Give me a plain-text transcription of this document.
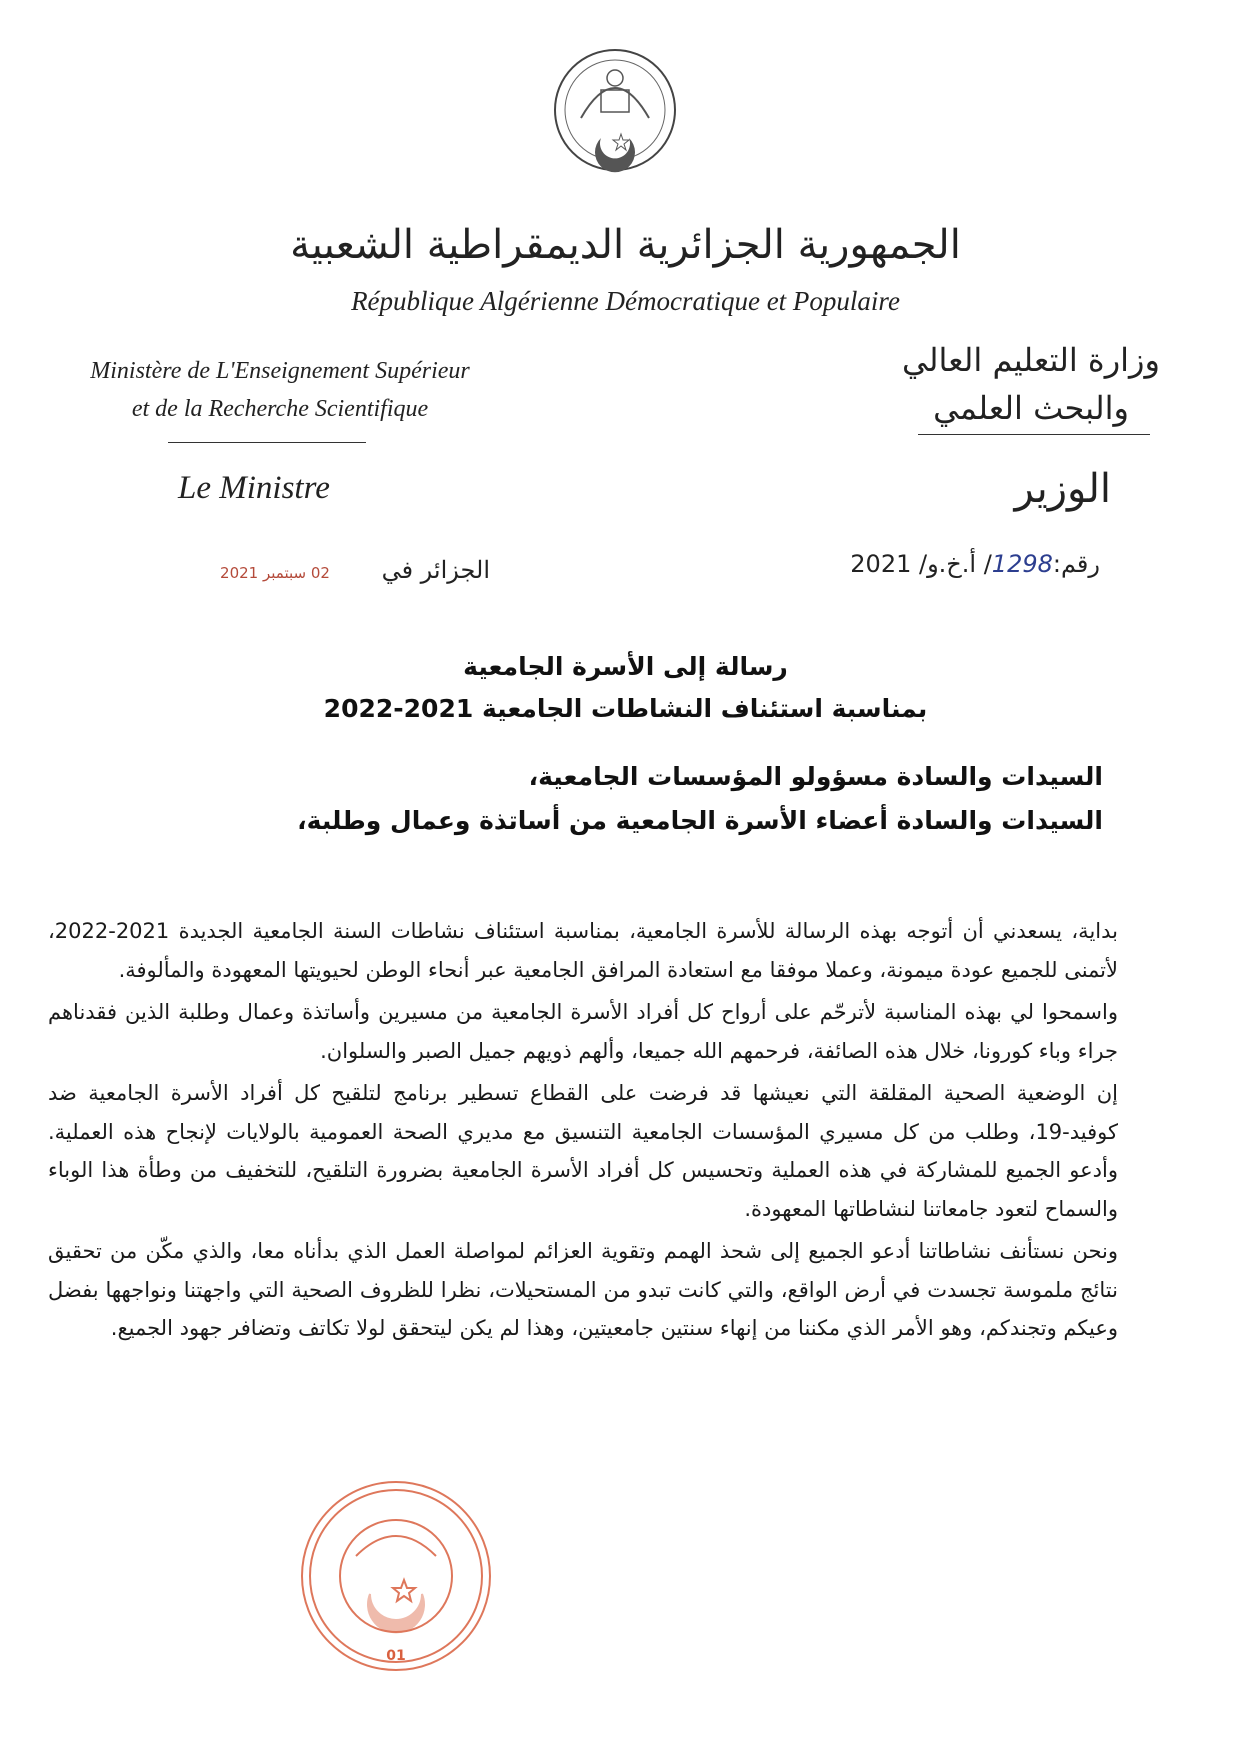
الجمهورية الجزائرية الديمقراطية الشعبية
République Algérienne Démocratique et Populaire
Ministère de L'Enseignement Supérieur
et de la Recherche Scientifique
وزارة التعليم العالي
والبحث العلمي
Le Ministre	الوزير
02 سبتمبر 2021	الجزائر في	رقم:1298/ أ.خ.و/ 2021
رسالة إلى الأسرة الجامعية
بمناسبة استئناف النشاطات الجامعية 2021-2022
السيدات والسادة مسؤولو المؤسسات الجامعية،
السيدات والسادة أعضاء الأسرة الجامعية من أساتذة وعمال وطلبة،

بداية، يسعدني أن أتوجه بهذه الرسالة للأسرة الجامعية، بمناسبة استئناف نشاطات السنة الجامعية الجديدة 2021-2022، لأتمنى للجميع عودة ميمونة، وعملا موفقا مع استعادة المرافق الجامعية عبر أنحاء الوطن لحيويتها المعهودة والمألوفة.

واسمحوا لي بهذه المناسبة لأترحّم على أرواح كل أفراد الأسرة الجامعية من مسيرين وأساتذة وعمال وطلبة الذين فقدناهم جراء وباء كورونا، خلال هذه الصائفة، فرحمهم الله جميعا، وألهم ذويهم جميل الصبر والسلوان.

إن الوضعية الصحية المقلقة التي نعيشها قد فرضت على القطاع تسطير برنامج لتلقيح كل أفراد الأسرة الجامعية ضد كوفيد-19، وطلب من كل مسيري المؤسسات الجامعية التنسيق مع مديري الصحة العمومية بالولايات لإنجاح هذه العملية. وأدعو الجميع للمشاركة في هذه العملية وتحسيس كل أفراد الأسرة الجامعية بضرورة التلقيح، للتخفيف من وطأة هذا الوباء والسماح لتعود جامعاتنا لنشاطاتها المعهودة.

ونحن نستأنف نشاطاتنا أدعو الجميع إلى شحذ الهمم وتقوية العزائم لمواصلة العمل الذي بدأناه معا، والذي مكّن من تحقيق نتائج ملموسة تجسدت في أرض الواقع، والتي كانت تبدو من المستحيلات، نظرا للظروف الصحية التي واجهتنا ونواجهها بفضل وعيكم وتجندكم، وهو الأمر الذي مكننا من إنهاء سنتين جامعيتين، وهذا لم يكن ليتحقق لولا تكاتف وتضافر جهود الجميع.

01
